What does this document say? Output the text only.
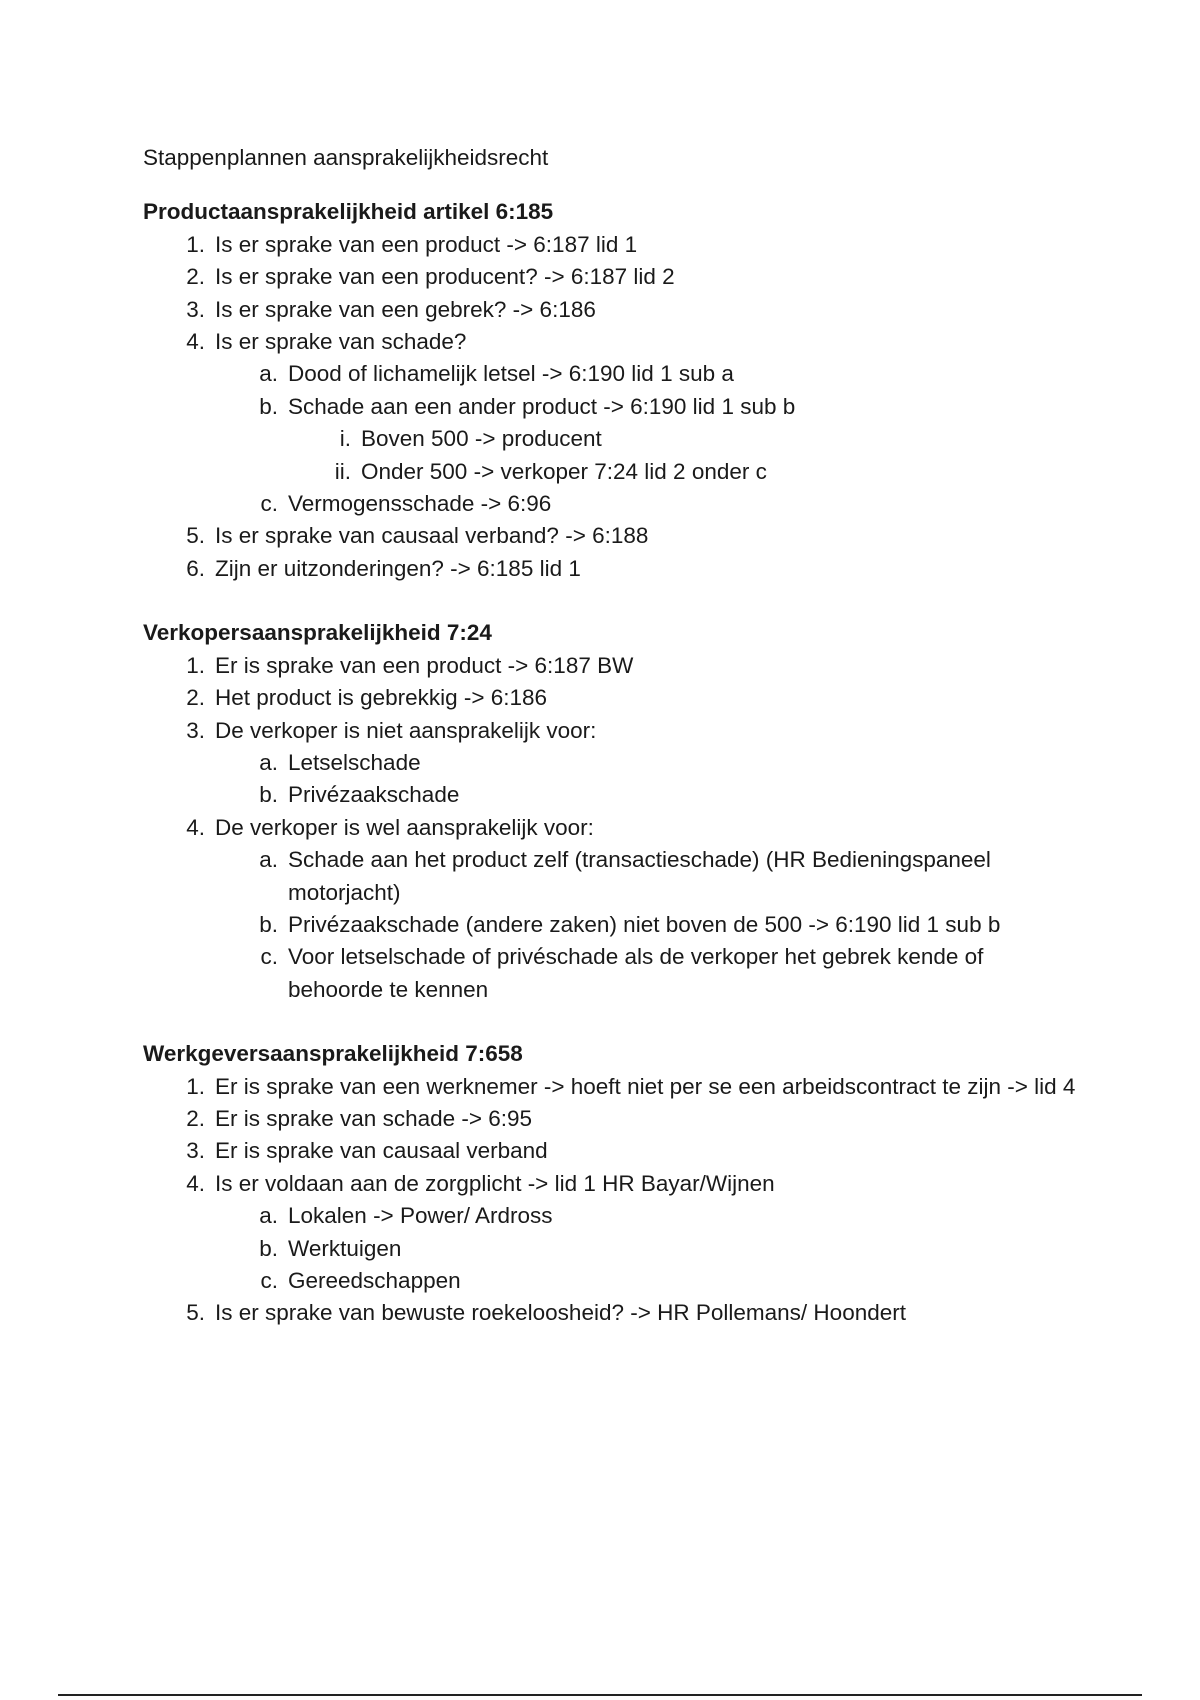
Stappenplannen aansprakelijkheidsrecht
Productaansprakelijkheid artikel 6:185
1. Is er sprake van een product -> 6:187 lid 1
2. Is er sprake van een producent? -> 6:187 lid 2
3. Is er sprake van een gebrek? -> 6:186
4. Is er sprake van schade?
a. Dood of lichamelijk letsel -> 6:190 lid 1 sub a
b. Schade aan een ander product -> 6:190 lid 1 sub b
i. Boven 500 -> producent
ii. Onder 500 -> verkoper 7:24 lid 2 onder c
c. Vermogensschade -> 6:96
5. Is er sprake van causaal verband? -> 6:188
6. Zijn er uitzonderingen? -> 6:185 lid 1
Verkopersaansprakelijkheid 7:24
1. Er is sprake van een product -> 6:187 BW
2. Het product is gebrekkig -> 6:186
3. De verkoper is niet aansprakelijk voor:
a. Letselschade
b. Privézaakschade
4. De verkoper is wel aansprakelijk voor:
a. Schade aan het product zelf (transactieschade) (HR Bedieningspaneel motorjacht)
b. Privézaakschade (andere zaken) niet boven de 500 -> 6:190 lid 1 sub b
c. Voor letselschade of privéschade als de verkoper het gebrek kende of behoorde te kennen
Werkgeversaansprakelijkheid 7:658
1. Er is sprake van een werknemer -> hoeft niet per se een arbeidscontract te zijn -> lid 4
2. Er is sprake van schade -> 6:95
3. Er is sprake van causaal verband
4. Is er voldaan aan de zorgplicht -> lid 1 HR Bayar/Wijnen
a. Lokalen -> Power/ Ardross
b. Werktuigen
c. Gereedschappen
5. Is er sprake van bewuste roekeloosheid? -> HR Pollemans/ Hoondert
